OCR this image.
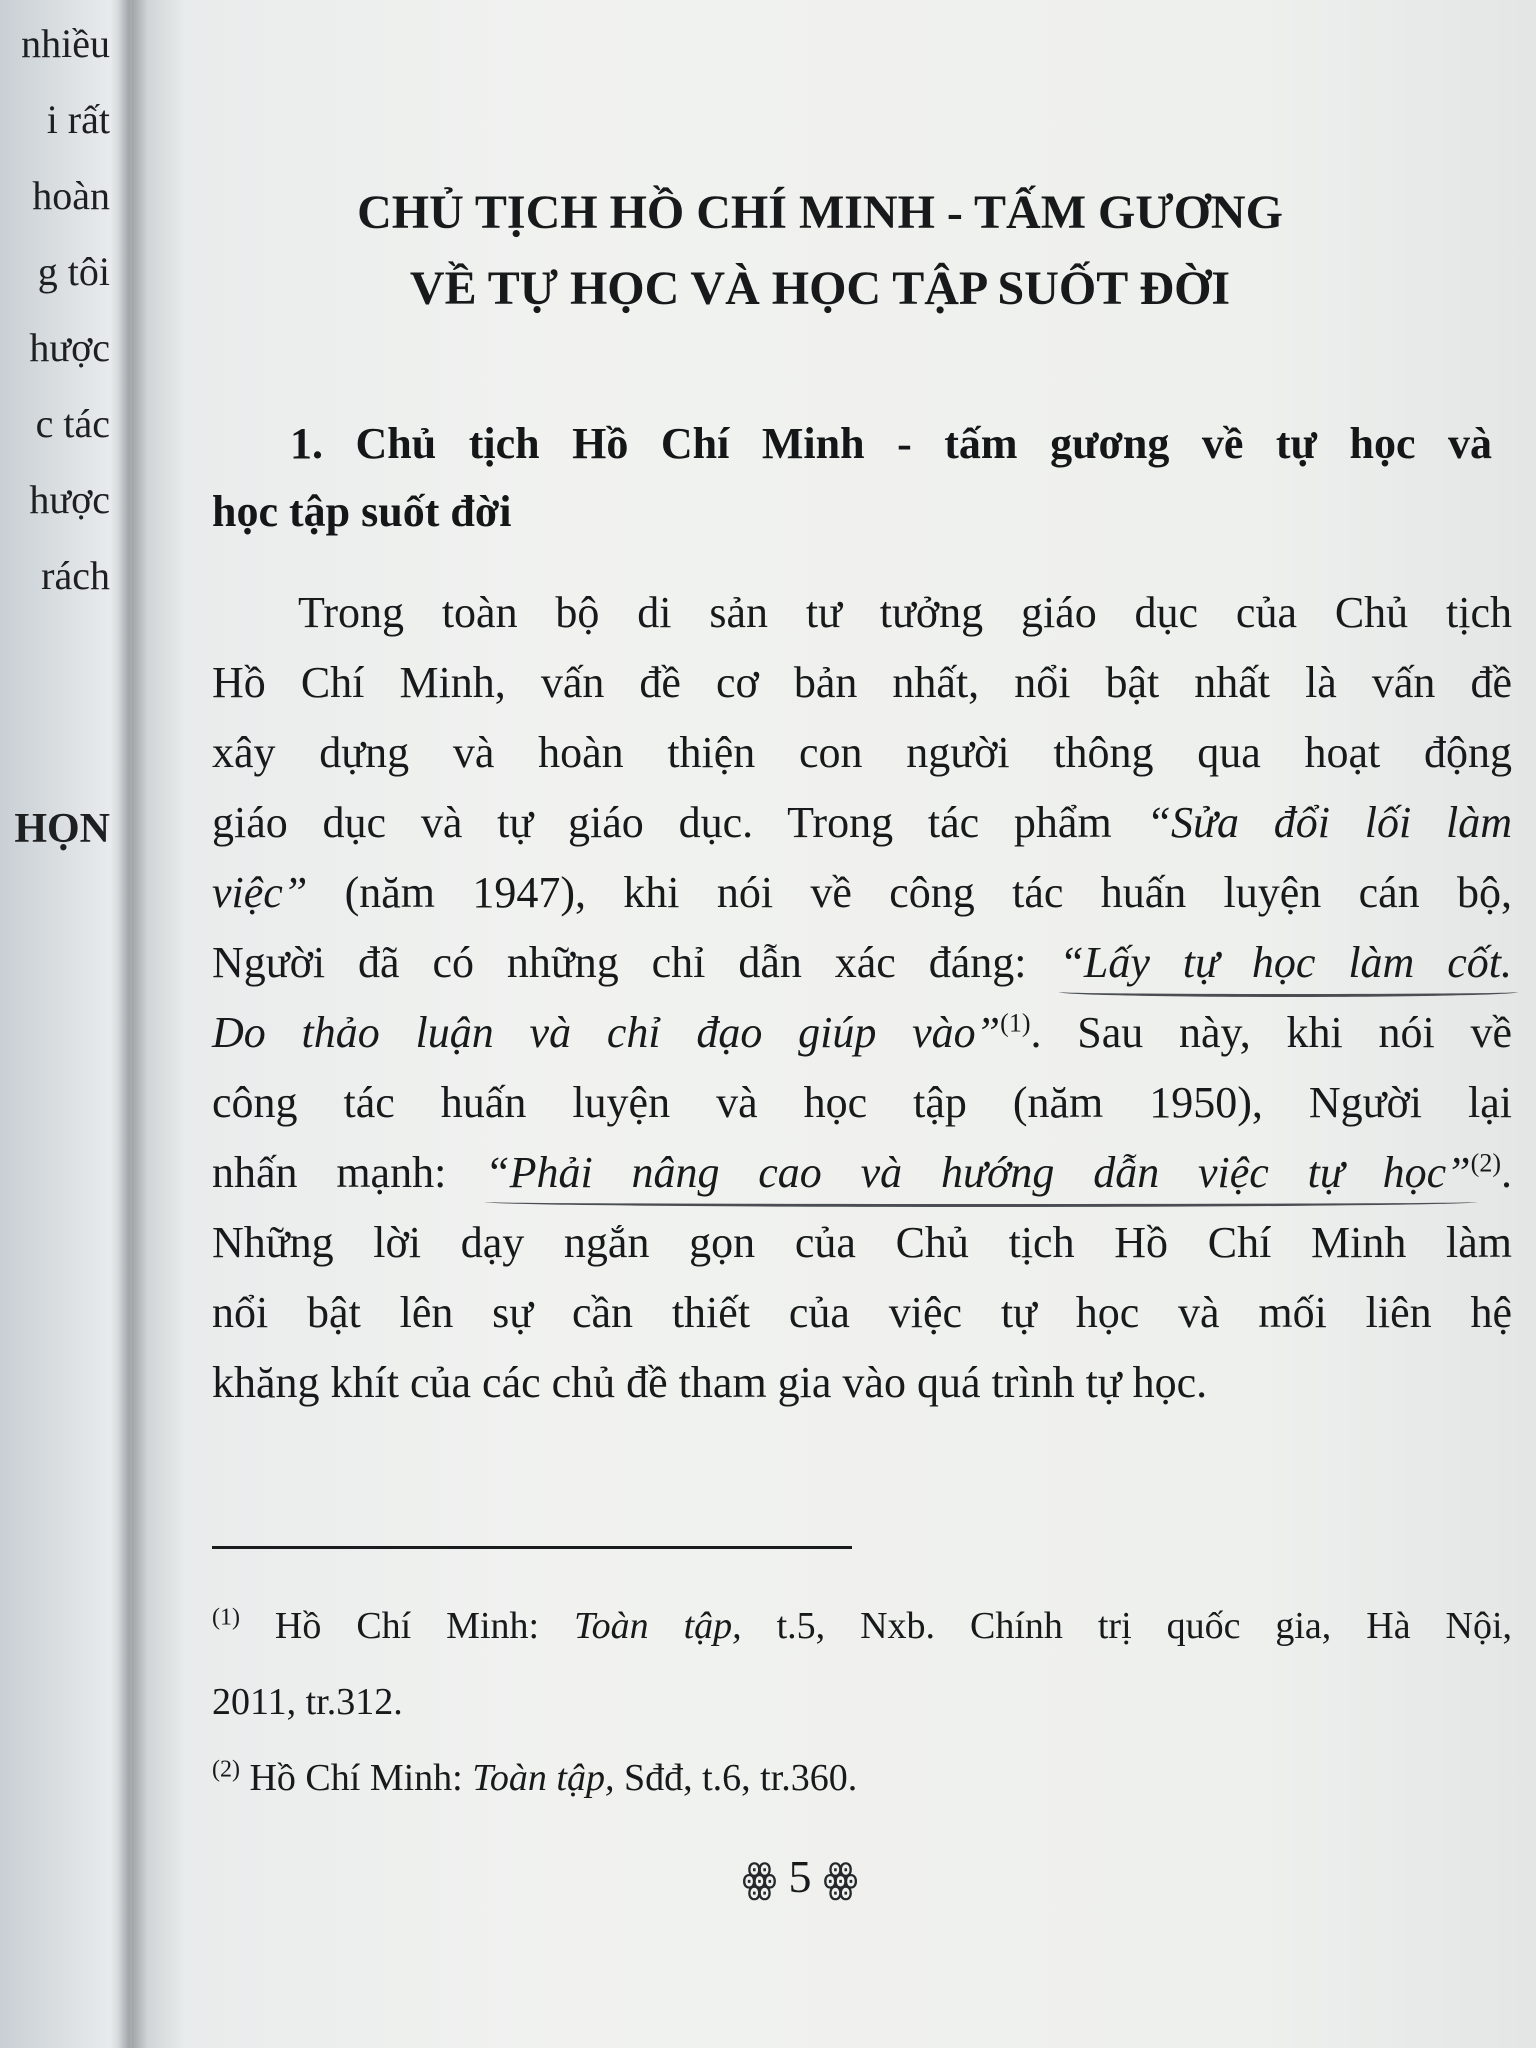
nhiều
i rất
hoàn
g tôi
hược
c tác
hược
rách
HỌN
CHỦ TỊCH HỒ CHÍ MINH - TẤM GƯƠNG
VỀ TỰ HỌC VÀ HỌC TẬP SUỐT ĐỜI
1. Chủ tịch Hồ Chí Minh - tấm gương về tự học và
học tập suốt đời
Trong toàn bộ di sản tư tưởng giáo dục của Chủ tịch
Hồ Chí Minh, vấn đề cơ bản nhất, nổi bật nhất là vấn đề
xây dựng và hoàn thiện con người thông qua hoạt động
giáo dục và tự giáo dục. Trong tác phẩm “Sửa đổi lối làm
việc” (năm 1947), khi nói về công tác huấn luyện cán bộ,
Người đã có những chỉ dẫn xác đáng: “Lấy tự học làm cốt.
Do thảo luận và chỉ đạo giúp vào”$^{(1)}$. Sau này, khi nói về
công tác huấn luyện và học tập (năm 1950), Người lại
nhấn mạnh: “Phải nâng cao và hướng dẫn việc tự học”$^{(2)}$.
Những lời dạy ngắn gọn của Chủ tịch Hồ Chí Minh làm
nổi bật lên sự cần thiết của việc tự học và mối liên hệ
khăng khít của các chủ đề tham gia vào quá trình tự học.
$^{(1)}$ Hồ Chí Minh: Toàn tập, t.5, Nxb. Chính trị quốc gia, Hà Nội,
2011, tr.312.
$^{(2)}$ Hồ Chí Minh: Toàn tập, Sđđ, t.6, tr.360.
ꙮ 5 ꙮ
